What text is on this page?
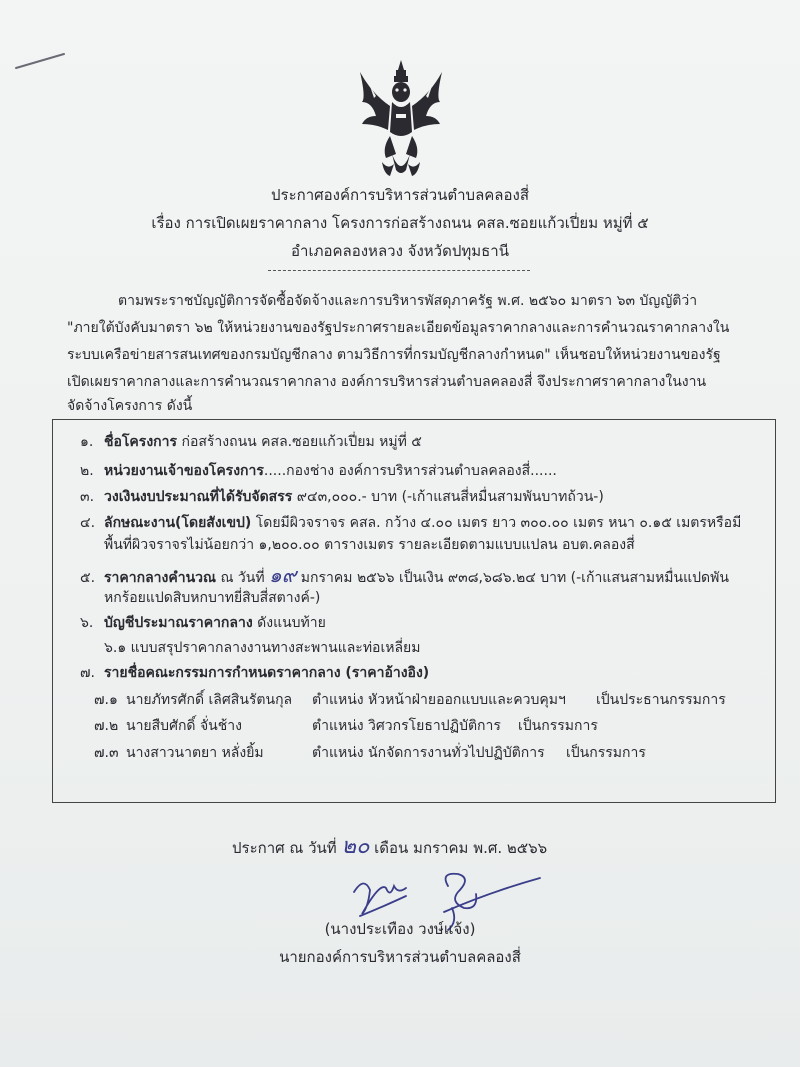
ประกาศองค์การบริหารส่วนตำบลคลองสี่
เรื่อง การเปิดเผยราคากลาง โครงการก่อสร้างถนน คสล.ซอยแก้วเปี่ยม หมู่ที่ ๕
อำเภอคลองหลวง จังหวัดปทุมธานี
ตามพระราชบัญญัติการจัดซื้อจัดจ้างและการบริหารพัสดุภาครัฐ พ.ศ. ๒๕๖๐ มาตรา ๖๓ บัญญัติว่า
"ภายใต้บังคับมาตรา ๖๒ ให้หน่วยงานของรัฐประกาศรายละเอียดข้อมูลราคากลางและการคำนวณราคากลางใน
ระบบเครือข่ายสารสนเทศของกรมบัญชีกลาง ตามวิธีการที่กรมบัญชีกลางกำหนด" เห็นชอบให้หน่วยงานของรัฐ
เปิดเผยราคากลางและการคำนวณราคากลาง องค์การบริหารส่วนตำบลคลองสี่ จึงประกาศราคากลางในงาน
จัดจ้างโครงการ ดังนี้
๑. ชื่อโครงการ ก่อสร้างถนน คสล.ซอยแก้วเปี่ยม หมู่ที่ ๕
๒. หน่วยงานเจ้าของโครงการ.....กองช่าง องค์การบริหารส่วนตำบลคลองสี่......
๓. วงเงินงบประมาณที่ได้รับจัดสรร ๙๔๓,๐๐๐.- บาท (-เก้าแสนสี่หมื่นสามพันบาทถ้วน-)
๔. ลักษณะงาน(โดยสังเขป) โดยมีผิวจราจร คสล. กว้าง ๔.๐๐ เมตร ยาว ๓๐๐.๐๐ เมตร หนา ๐.๑๕ เมตรหรือมี
พื้นที่ผิวจราจรไม่น้อยกว่า ๑,๒๐๐.๐๐ ตารางเมตร รายละเอียดตามแบบแปลน อบต.คลองสี่
๕. ราคากลางคำนวณ ณ วันที่ ๑๙ มกราคม ๒๕๖๖ เป็นเงิน ๙๓๘,๖๘๖.๒๔ บาท (-เก้าแสนสามหมื่นแปดพัน
หกร้อยแปดสิบหกบาทยี่สิบสี่สตางค์-)
๖. บัญชีประมาณราคากลาง ดังแนบท้าย
๖.๑ แบบสรุปราคากลางงานทางสะพานและท่อเหลี่ยม
๗. รายชื่อคณะกรรมการกำหนดราคากลาง (ราคาอ้างอิง)
๗.๑ นายภัทรศักดิ์ เลิศสินรัตนกุล ตำแหน่ง หัวหน้าฝ่ายออกแบบและควบคุมฯ เป็นประธานกรรมการ
๗.๒ นายสืบศักดิ์ จั่นช้าง	ตำแหน่ง วิศวกรโยธาปฏิบัติการ เป็นกรรมการ
๗.๓ นางสาวนาตยา หลั่งยิ้ม	ตำแหน่ง นักจัดการงานทั่วไปปฏิบัติการ เป็นกรรมการ
ประกาศ ณ วันที่ ๒๐ เดือน มกราคม พ.ศ. ๒๕๖๖
(นางประเทือง วงษ์แจ้ง)
นายกองค์การบริหารส่วนตำบลคลองสี่
